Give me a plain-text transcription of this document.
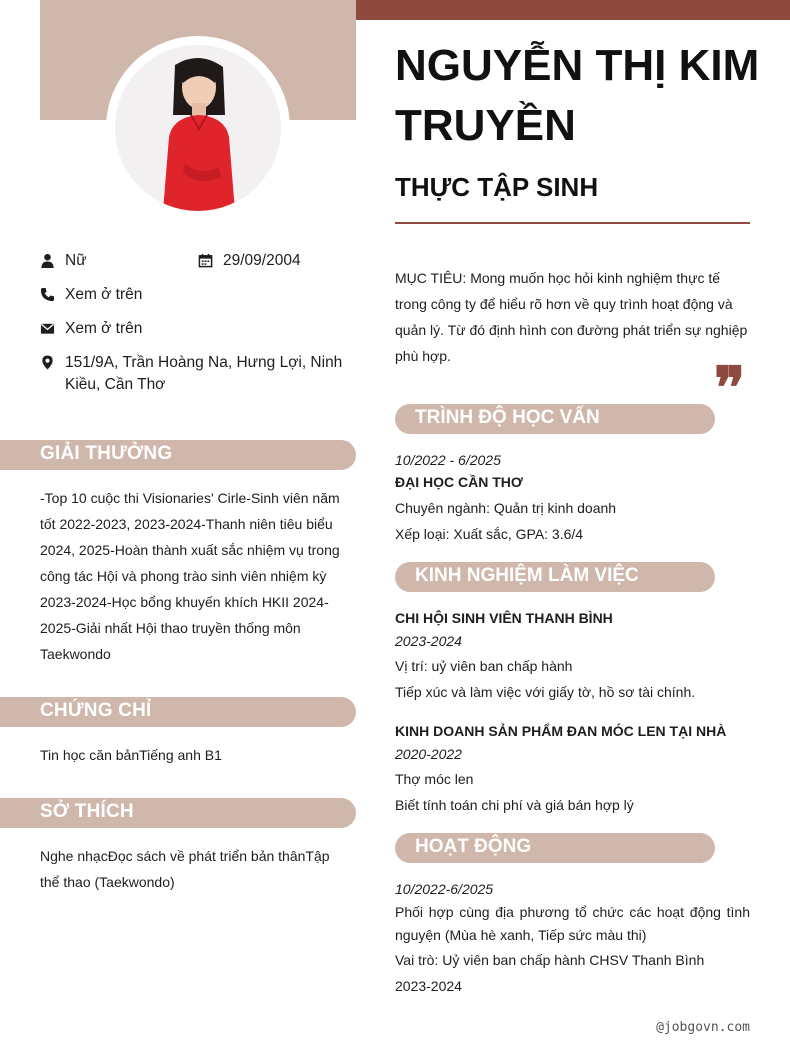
Nữ	29/09/2004
Xem ở trên
Xem ở trên
151/9A, Trần Hoàng Na, Hưng Lợi, Ninh Kiều, Cần Thơ
GIẢI THƯỞNG
-Top 10 cuộc thi Visionaries' Cirle-Sinh viên năm tốt 2022-2023, 2023-2024-Thanh niên tiêu biểu 2024, 2025-Hoàn thành xuất sắc nhiệm vụ trong công tác Hội và phong trào sinh viên nhiệm kỳ 2023-2024-Học bổng khuyến khích HKII 2024-2025-Giải nhất Hội thao truyền thống môn Taekwondo
CHỨNG CHỈ
Tin học căn bảnTiếng anh B1
SỞ THÍCH
Nghe nhạcĐọc sách về phát triển bản thânTập thể thao (Taekwondo)
NGUYỄN THỊ KIM TRUYỀN
THỰC TẬP SINH
MỤC TIÊU: Mong muốn học hỏi kinh nghiệm thực tế trong công ty để hiểu rõ hơn về quy trình hoạt động và quản lý. Từ đó định hình con đường phát triển sự nghiệp phù hợp.	❞
TRÌNH ĐỘ HỌC VẤN
10/2022 - 6/2025
ĐẠI HỌC CẦN THƠ
Chuyên ngành: Quản trị kinh doanh
Xếp loại: Xuất sắc, GPA: 3.6/4
KINH NGHIỆM LÀM VIỆC
CHI HỘI SINH VIÊN THANH BÌNH
2023-2024
Vị trí: uỷ viên ban chấp hành
Tiếp xúc và làm việc với giấy tờ, hồ sơ tài chính.
KINH DOANH SẢN PHẨM ĐAN MÓC LEN TẠI NHÀ
2020-2022
Thợ móc len
Biết tính toán chi phí và giá bán hợp lý
HOẠT ĐỘNG
10/2022-6/2025
Phối hợp cùng địa phương tổ chức các hoạt động tình nguyện (Mùa hè xanh, Tiếp sức màu thi)
Vai trò: Uỷ viên ban chấp hành CHSV Thanh Bình
2023-2024
@jobgovn.com
